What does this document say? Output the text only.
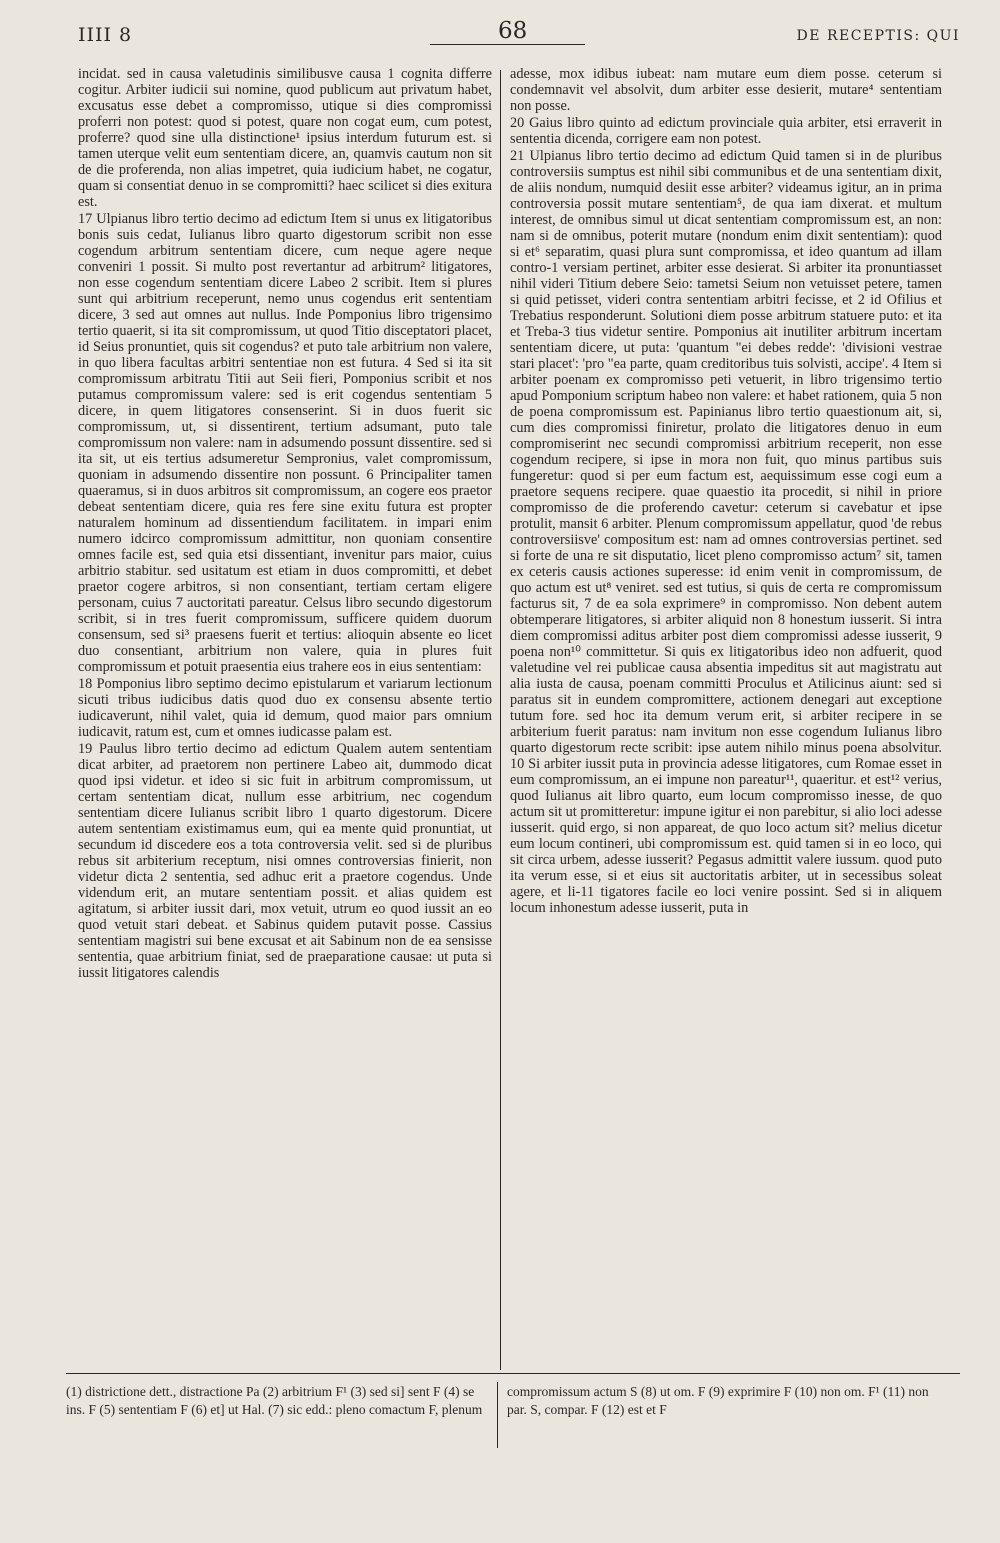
IIII 8	68	DE RECEPTIS: QUI

incidat. sed in causa valetudinis similibusve causa 1 cognita differre cogitur. Arbiter iudicii sui nomine, quod publicum aut privatum habet, excusatus esse debet a compromisso, utique si dies compromissi proferri non potest: quod si potest, quare non cogat eum, cum potest, proferre? quod sine ulla distinctione¹ ipsius interdum futurum est. si tamen uterque velit eum sententiam dicere, an, quamvis cautum non sit de die proferenda, non alias impetret, quia iudicium habet, ne cogatur, quam si consentiat denuo in se compromitti? haec scilicet si dies exitura est.

17 Ulpianus libro tertio decimo ad edictum Item si unus ex litigatoribus bonis suis cedat, Iulianus libro quarto digestorum scribit non esse cogendum arbitrum sententiam dicere, cum neque agere neque conveniri 1 possit. Si multo post revertantur ad arbitrum² litigatores, non esse cogendum sententiam dicere Labeo 2 scribit. Item si plures sunt qui arbitrium receperunt, nemo unus cogendus erit sententiam dicere, 3 sed aut omnes aut nullus. Inde Pomponius libro trigensimo tertio quaerit, si ita sit compromissum, ut quod Titio disceptatori placet, id Seius pronuntiet, quis sit cogendus? et puto tale arbitrium non valere, in quo libera facultas arbitri sententiae non est futura. 4 Sed si ita sit compromissum arbitratu Titii aut Seii fieri, Pomponius scribit et nos putamus compromissum valere: sed is erit cogendus sententiam 5 dicere, in quem litigatores consenserint. Si in duos fuerit sic compromissum, ut, si dissentirent, tertium adsumant, puto tale compromissum non valere: nam in adsumendo possunt dissentire. sed si ita sit, ut eis tertius adsumeretur Sempronius, valet compromissum, quoniam in adsumendo dissentire non possunt. 6 Principaliter tamen quaeramus, si in duos arbitros sit compromissum, an cogere eos praetor debeat sententiam dicere, quia res fere sine exitu futura est propter naturalem hominum ad dissentiendum facilitatem. in impari enim numero idcirco compromissum admittitur, non quoniam consentire omnes facile est, sed quia etsi dissentiant, invenitur pars maior, cuius arbitrio stabitur. sed usitatum est etiam in duos compromitti, et debet praetor cogere arbitros, si non consentiant, tertiam certam eligere personam, cuius 7 auctoritati pareatur. Celsus libro secundo digestorum scribit, si in tres fuerit compromissum, sufficere quidem duorum consensum, sed si³ praesens fuerit et tertius: alioquin absente eo licet duo consentiant, arbitrium non valere, quia in plures fuit compromissum et potuit praesentia eius trahere eos in eius sententiam:

18 Pomponius libro septimo decimo epistularum et variarum lectionum sicuti tribus iudicibus datis quod duo ex consensu absente tertio iudicaverunt, nihil valet, quia id demum, quod maior pars omnium iudicavit, ratum est, cum et omnes iudicasse palam est.

19 Paulus libro tertio decimo ad edictum Qualem autem sententiam dicat arbiter, ad praetorem non pertinere Labeo ait, dummodo dicat quod ipsi videtur. et ideo si sic fuit in arbitrum compromissum, ut certam sententiam dicat, nullum esse arbitrium, nec cogendum sententiam dicere Iulianus scribit libro 1 quarto digestorum. Dicere autem sententiam existimamus eum, qui ea mente quid pronuntiat, ut secundum id discedere eos a tota controversia velit. sed si de pluribus rebus sit arbiterium receptum, nisi omnes controversias finierit, non videtur dicta 2 sententia, sed adhuc erit a praetore cogendus. Unde videndum erit, an mutare sententiam possit. et alias quidem est agitatum, si arbiter iussit dari, mox vetuit, utrum eo quod iussit an eo quod vetuit stari debeat. et Sabinus quidem putavit posse. Cassius sententiam magistri sui bene excusat et ait Sabinum non de ea sensisse sententia, quae arbitrium finiat, sed de praeparatione causae: ut puta si iussit litigatores calendis

adesse, mox idibus iubeat: nam mutare eum diem posse. ceterum si condemnavit vel absolvit, dum arbiter esse desierit, mutare⁴ sententiam non posse.

20 Gaius libro quinto ad edictum provinciale quia arbiter, etsi erraverit in sententia dicenda, corrigere eam non potest.

21 Ulpianus libro tertio decimo ad edictum Quid tamen si in de pluribus controversiis sumptus est nihil sibi communibus et de una sententiam dixit, de aliis nondum, numquid desiit esse arbiter? videamus igitur, an in prima controversia possit mutare sententiam⁵, de qua iam dixerat. et multum interest, de omnibus simul ut dicat sententiam compromissum est, an non: nam si de omnibus, poterit mutare (nondum enim dixit sententiam): quod si et⁶ separatim, quasi plura sunt compromissa, et ideo quantum ad illam contro-1 versiam pertinet, arbiter esse desierat. Si arbiter ita pronuntiasset nihil videri Titium debere Seio: tametsi Seium non vetuisset petere, tamen si quid petisset, videri contra sententiam arbitri fecisse, et 2 id Ofilius et Trebatius responderunt. Solutioni diem posse arbitrum statuere puto: et ita et Treba-3 tius videtur sentire. Pomponius ait inutiliter arbitrum incertam sententiam dicere, ut puta: 'quantum "ei debes redde': 'divisioni vestrae stari placet': 'pro "ea parte, quam creditoribus tuis solvisti, accipe'. 4 Item si arbiter poenam ex compromisso peti vetuerit, in libro trigensimo tertio apud Pomponium scriptum habeo non valere: et habet rationem, quia 5 non de poena compromissum est. Papinianus libro tertio quaestionum ait, si, cum dies compromissi finiretur, prolato die litigatores denuo in eum compromiserint nec secundi compromissi arbitrium receperit, non esse cogendum recipere, si ipse in mora non fuit, quo minus partibus suis fungeretur: quod si per eum factum est, aequissimum esse cogi eum a praetore sequens recipere. quae quaestio ita procedit, si nihil in priore compromisso de die proferendo cavetur: ceterum si cavebatur et ipse protulit, mansit 6 arbiter. Plenum compromissum appellatur, quod 'de rebus controversiisve' compositum est: nam ad omnes controversias pertinet. sed si forte de una re sit disputatio, licet pleno compromisso actum⁷ sit, tamen ex ceteris causis actiones superesse: id enim venit in compromissum, de quo actum est ut⁸ veniret. sed est tutius, si quis de certa re compromissum facturus sit, 7 de ea sola exprimere⁹ in compromisso. Non debent autem obtemperare litigatores, si arbiter aliquid non 8 honestum iusserit. Si intra diem compromissi aditus arbiter post diem compromissi adesse iusserit, 9 poena non¹⁰ committetur. Si quis ex litigatoribus ideo non adfuerit, quod valetudine vel rei publicae causa absentia impeditus sit aut magistratu aut alia iusta de causa, poenam committi Proculus et Atilicinus aiunt: sed si paratus sit in eundem compromittere, actionem denegari aut exceptione tutum fore. sed hoc ita demum verum erit, si arbiter recipere in se arbiterium fuerit paratus: nam invitum non esse cogendum Iulianus libro quarto digestorum recte scribit: ipse autem nihilo minus poena absolvitur. 10 Si arbiter iussit puta in provincia adesse litigatores, cum Romae esset in eum compromissum, an ei impune non pareatur¹¹, quaeritur. et est¹² verius, quod Iulianus ait libro quarto, eum locum compromisso inesse, de quo actum sit ut promitteretur: impune igitur ei non parebitur, si alio loci adesse iusserit. quid ergo, si non appareat, de quo loco actum sit? melius dicetur eum locum contineri, ubi compromissum est. quid tamen si in eo loco, qui sit circa urbem, adesse iusserit? Pegasus admittit valere iussum. quod puto ita verum esse, si et eius sit auctoritatis arbiter, ut in secessibus soleat agere, et li-11 tigatores facile eo loci venire possint. Sed si in aliquem locum inhonestum adesse iusserit, puta in

(1) districtione dett., distractione Pa (2) arbitrium F¹ (3) sed si] sent F (4) se ins. F (5) sententiam F (6) et] ut Hal. (7) sic edd.: pleno comactum F, plenum
compromissum actum S (8) ut om. F (9) exprimire F (10) non om. F¹ (11) non par. S, compar. F (12) est et F
